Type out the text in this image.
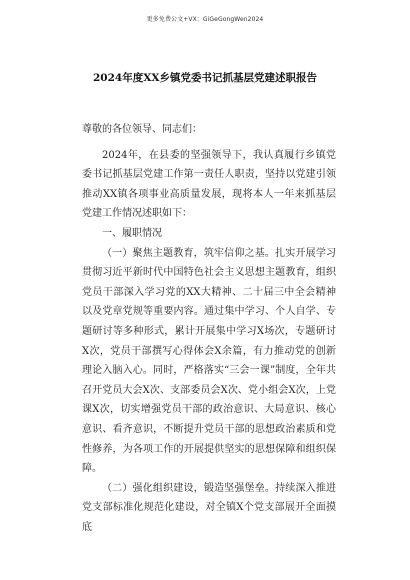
更多免费公文+VX：GiGeGongWen2024
2024年度XX乡镇党委书记抓基层党建述职报告

尊敬的各位领导、同志们：

2024年，在县委的坚强领导下，我认真履行乡镇党委书记抓基层党建工作第一责任人职责，坚持以党建引领推动XX镇各项事业高质量发展，现将本人一年来抓基层党建工作情况述职如下：

一、履职情况

（一）聚焦主题教育，筑牢信仰之基。扎实开展学习贯彻习近平新时代中国特色社会主义思想主题教育，组织党员干部深入学习党的XX大精神、二十届三中全会精神以及党章党规等重要内容。通过集中学习、个人自学、专题研讨等多种形式，累计开展集中学习X场次，专题研讨X次，党员干部撰写心得体会X余篇，有力推动党的创新理论入脑入心。同时，严格落实“三会一课”制度，全年共召开党员大会X次、支部委员会X次、党小组会X次，上党课X次，切实增强党员干部的政治意识、大局意识、核心意识、看齐意识，不断提升党员干部的思想政治素质和党性修养，为各项工作的开展提供坚实的思想保障和组织保障。

（二）强化组织建设，锻造坚强堡垒。持续深入推进党支部标准化规范化建设，对全镇X个党支部展开全面摸底
